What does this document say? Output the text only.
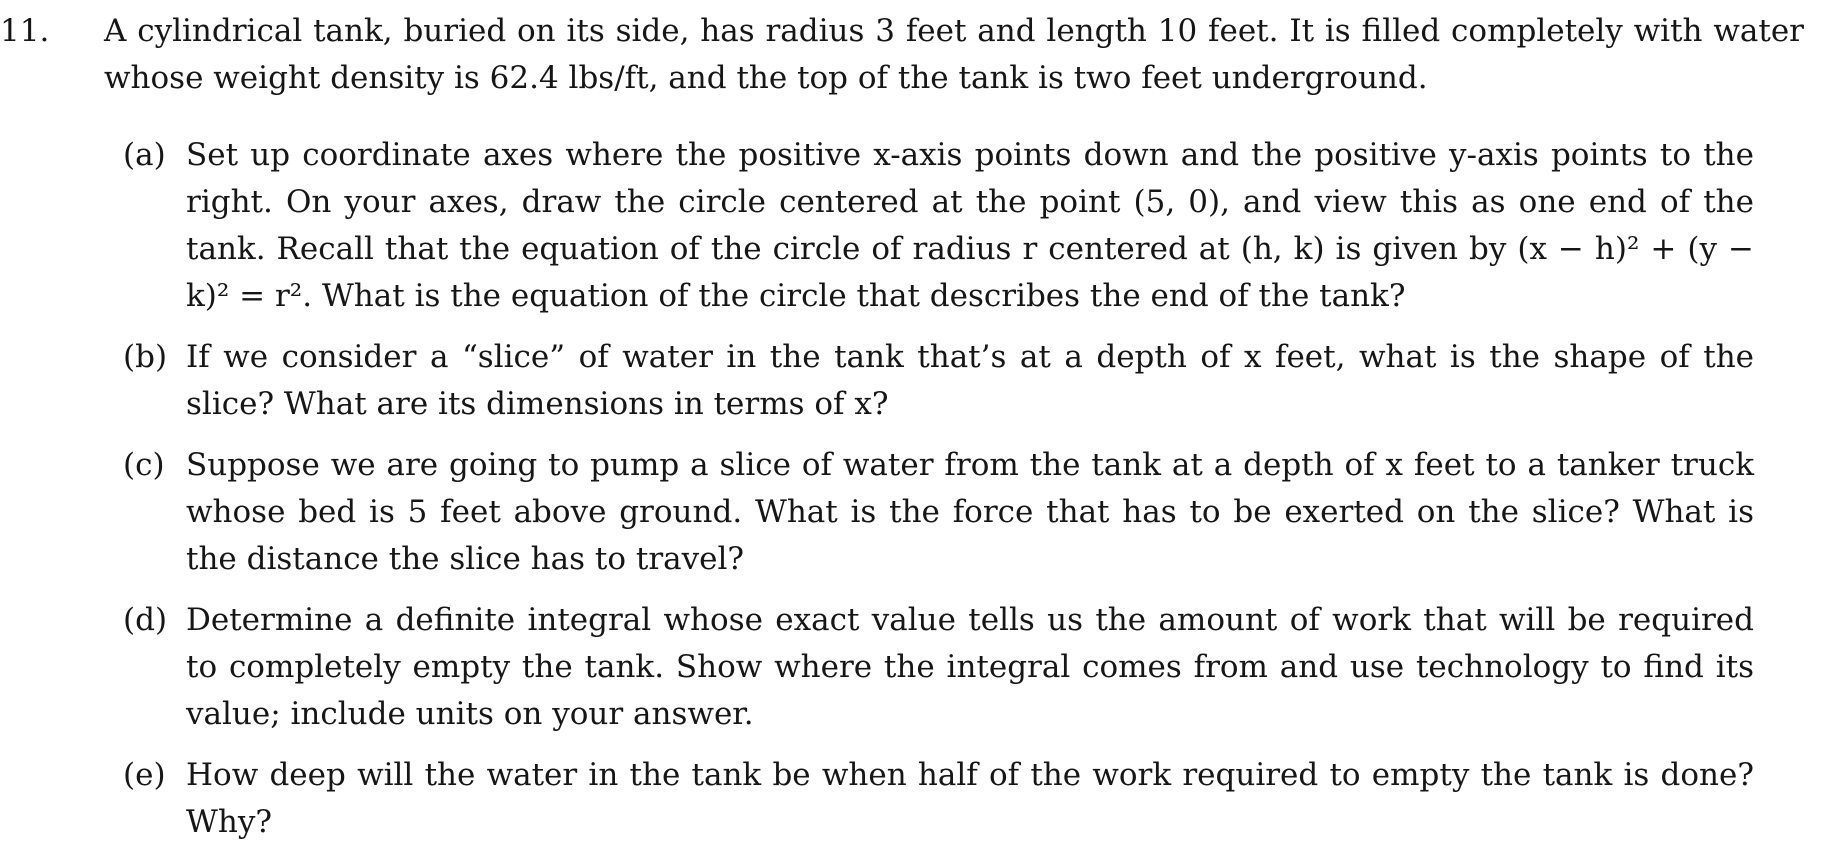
11. A cylindrical tank, buried on its side, has radius 3 feet and length 10 feet. It is filled completely with water whose weight density is 62.4 lbs/ft, and the top of the tank is two feet underground.
(a) Set up coordinate axes where the positive x-axis points down and the positive y-axis points to the right. On your axes, draw the circle centered at the point (5, 0), and view this as one end of the tank. Recall that the equation of the circle of radius r centered at (h, k) is given by (x − h)² + (y − k)² = r². What is the equation of the circle that describes the end of the tank?
(b) If we consider a “slice” of water in the tank that’s at a depth of x feet, what is the shape of the slice? What are its dimensions in terms of x?
(c) Suppose we are going to pump a slice of water from the tank at a depth of x feet to a tanker truck whose bed is 5 feet above ground. What is the force that has to be exerted on the slice? What is the distance the slice has to travel?
(d) Determine a definite integral whose exact value tells us the amount of work that will be required to completely empty the tank. Show where the integral comes from and use technology to find its value; include units on your answer.
(e) How deep will the water in the tank be when half of the work required to empty the tank is done? Why?
